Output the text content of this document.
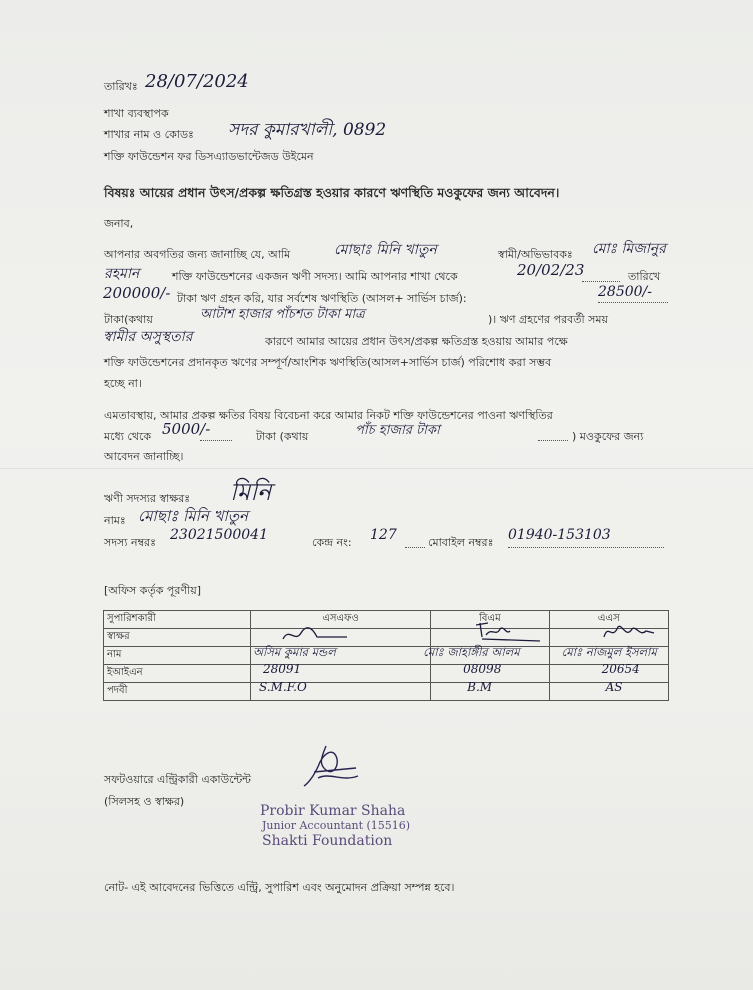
তারিখঃ 28/07/2024
শাখা ব্যবস্থাপক
শাখার নাম ও কোডঃ সদর কুমারখালী, 0892
শক্তি ফাউন্ডেশন ফর ডিসএ্যাডভান্টেজড উইমেন
বিষয়ঃ আয়ের প্রধান উৎস/প্রকল্প ক্ষতিগ্রস্ত হওয়ার কারণে ঋণস্থিতি মওকুফের জন্য আবেদন।
জনাব,
আপনার অবগতির জন্য জানাচ্ছি যে, আমি	মোছাঃ মিনি খাতুন	স্বামী/অভিভাবকঃ মোঃ মিজানুর
রহমান	শক্তি ফাউন্ডেশনের একজন ঋণী সদস্য। আমি আপনার শাখা থেকে	20/02/23	তারিখে
200000/- টাকা ঋণ গ্রহন করি, যার সর্বশেষ ঋণস্থিতি (আসল+ সার্ভিস চার্জ):	28500/-
টাকা(কথায়	আটাশ হাজার পাঁচশত টাকা মাত্র	)। ঋণ গ্রহণের পরবর্তী সময়
স্বামীর অসুস্থতার	কারণে আমার আয়ের প্রধান উৎস/প্রকল্প ক্ষতিগ্রস্ত হওয়ায় আমার পক্ষে
শক্তি ফাউন্ডেশনের প্রদানকৃত ঋণের সম্পূর্ণ/আংশিক ঋণস্থিতি(আসল+সার্ভিস চার্জ) পরিশোধ করা সম্ভব
হচ্ছে না।
এমতাবস্থায়, আমার প্রকল্প ক্ষতির বিষয় বিবেচনা করে আমার নিকট শক্তি ফাউন্ডেশনের পাওনা ঋণস্থিতির
মধ্যে থেকে 5000/-	টাকা (কথায়	পাঁচ হাজার টাকা	) মওকুফের জন্য
আবেদন জানাচ্ছি।
ঋণী সদস্যর স্বাক্ষরঃ মিনি
নামঃ মোছাঃ মিনি খাতুন
সদস্য নম্বরঃ 23021500041	কেন্দ্র নং: 127	মোবাইল নম্বরঃ 01940-153103
[অফিস কর্তৃক পূরণীয়]
সুপারিশকারী	এসএফও	বিএম	এএস
স্বাক্ষর	

নাম	অসিম কুমার মন্ডল	মোঃ জাহাঙ্গীর আলম	মোঃ নাজমুল ইসলাম

ইআইএন	28091	08098	20654

পদবী	S.M.F.O	B.M	AS
সফটওয়ারে এন্ট্রিকারী একাউন্টেন্ট
(সিলসহ ও স্বাক্ষর)
Probir Kumar Shaha
Junior Accountant (15516)
Shakti Foundation
নোট- এই আবেদনের ভিত্তিতে এন্ট্রি, সুপারিশ এবং অনুমোদন প্রক্রিয়া সম্পন্ন হবে।
